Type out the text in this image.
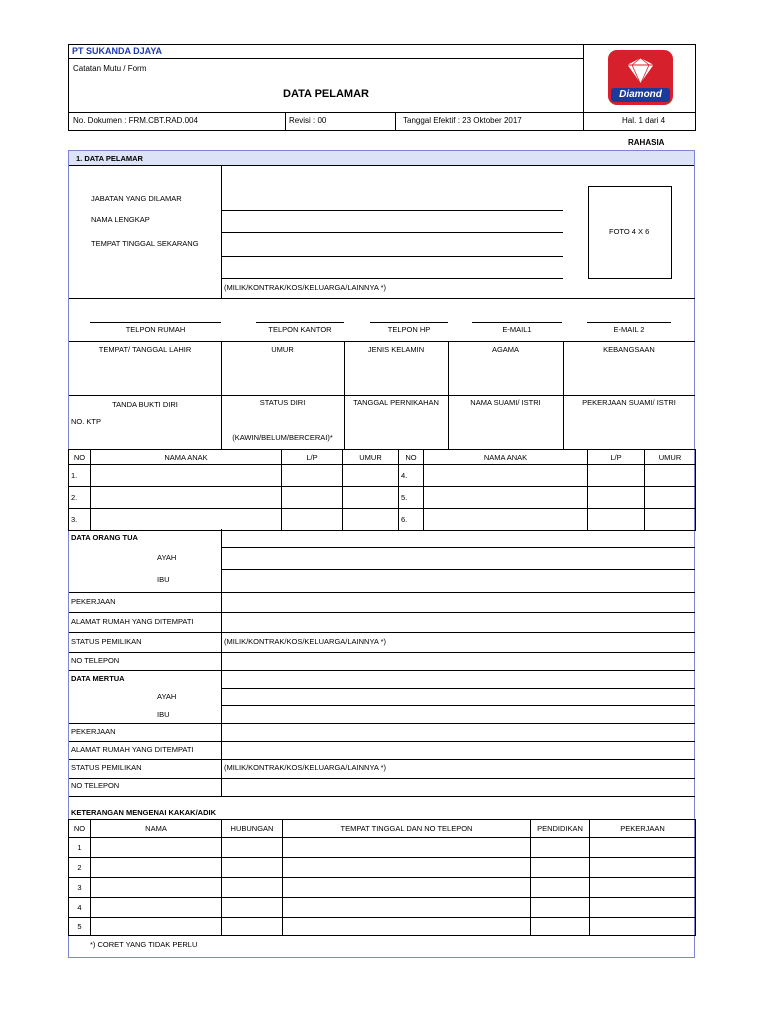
PT SUKANDA DJAYA
Catatan Mutu / Form
DATA PELAMAR
No. Dokumen : FRM.CBT.RAD.004	Revisi : 00	Tanggal Efektif : 23 Oktober 2017	Hal. 1 dari 4
Diamond
RAHASIA
1. DATA PELAMAR
JABATAN YANG DILAMAR
NAMA LENGKAP
TEMPAT TINGGAL SEKARANG
(MILIK/KONTRAK/KOS/KELUARGA/LAINNYA *)
FOTO 4 X 6
TELPON RUMAH	TELPON KANTOR	TELPON HP	E-MAIL1	E-MAIL 2
TEMPAT/ TANGGAL LAHIR	UMUR	JENIS KELAMIN	AGAMA	KEBANGSAAN
TANDA BUKTI DIRI
NO. KTP
STATUS DIRI
(KAWIN/BELUM/BERCERAI)*
TANGGAL PERNIKAHAN	NAMA SUAMI/ ISTRI	PEKERJAAN SUAMI/ ISTRI
NO	NAMA ANAK	L/P	UMUR	NO	NAMA ANAK	L/P	UMUR
1.				4.			
2.				5.			
3.				6.			
DATA ORANG TUA
AYAH
IBU
PEKERJAAN
ALAMAT RUMAH YANG DITEMPATI
STATUS PEMILIKAN	(MILIK/KONTRAK/KOS/KELUARGA/LAINNYA *)
NO TELEPON
DATA MERTUA
AYAH
IBU
PEKERJAAN
ALAMAT RUMAH YANG DITEMPATI
STATUS PEMILIKAN	(MILIK/KONTRAK/KOS/KELUARGA/LAINNYA *)
NO TELEPON
KETERANGAN MENGENAI KAKAK/ADIK
NO	NAMA	HUBUNGAN	TEMPAT TINGGAL DAN NO TELEPON	PENDIDIKAN	PEKERJAAN
1					
2					
3					
4					
5					
*) CORET YANG TIDAK PERLU
